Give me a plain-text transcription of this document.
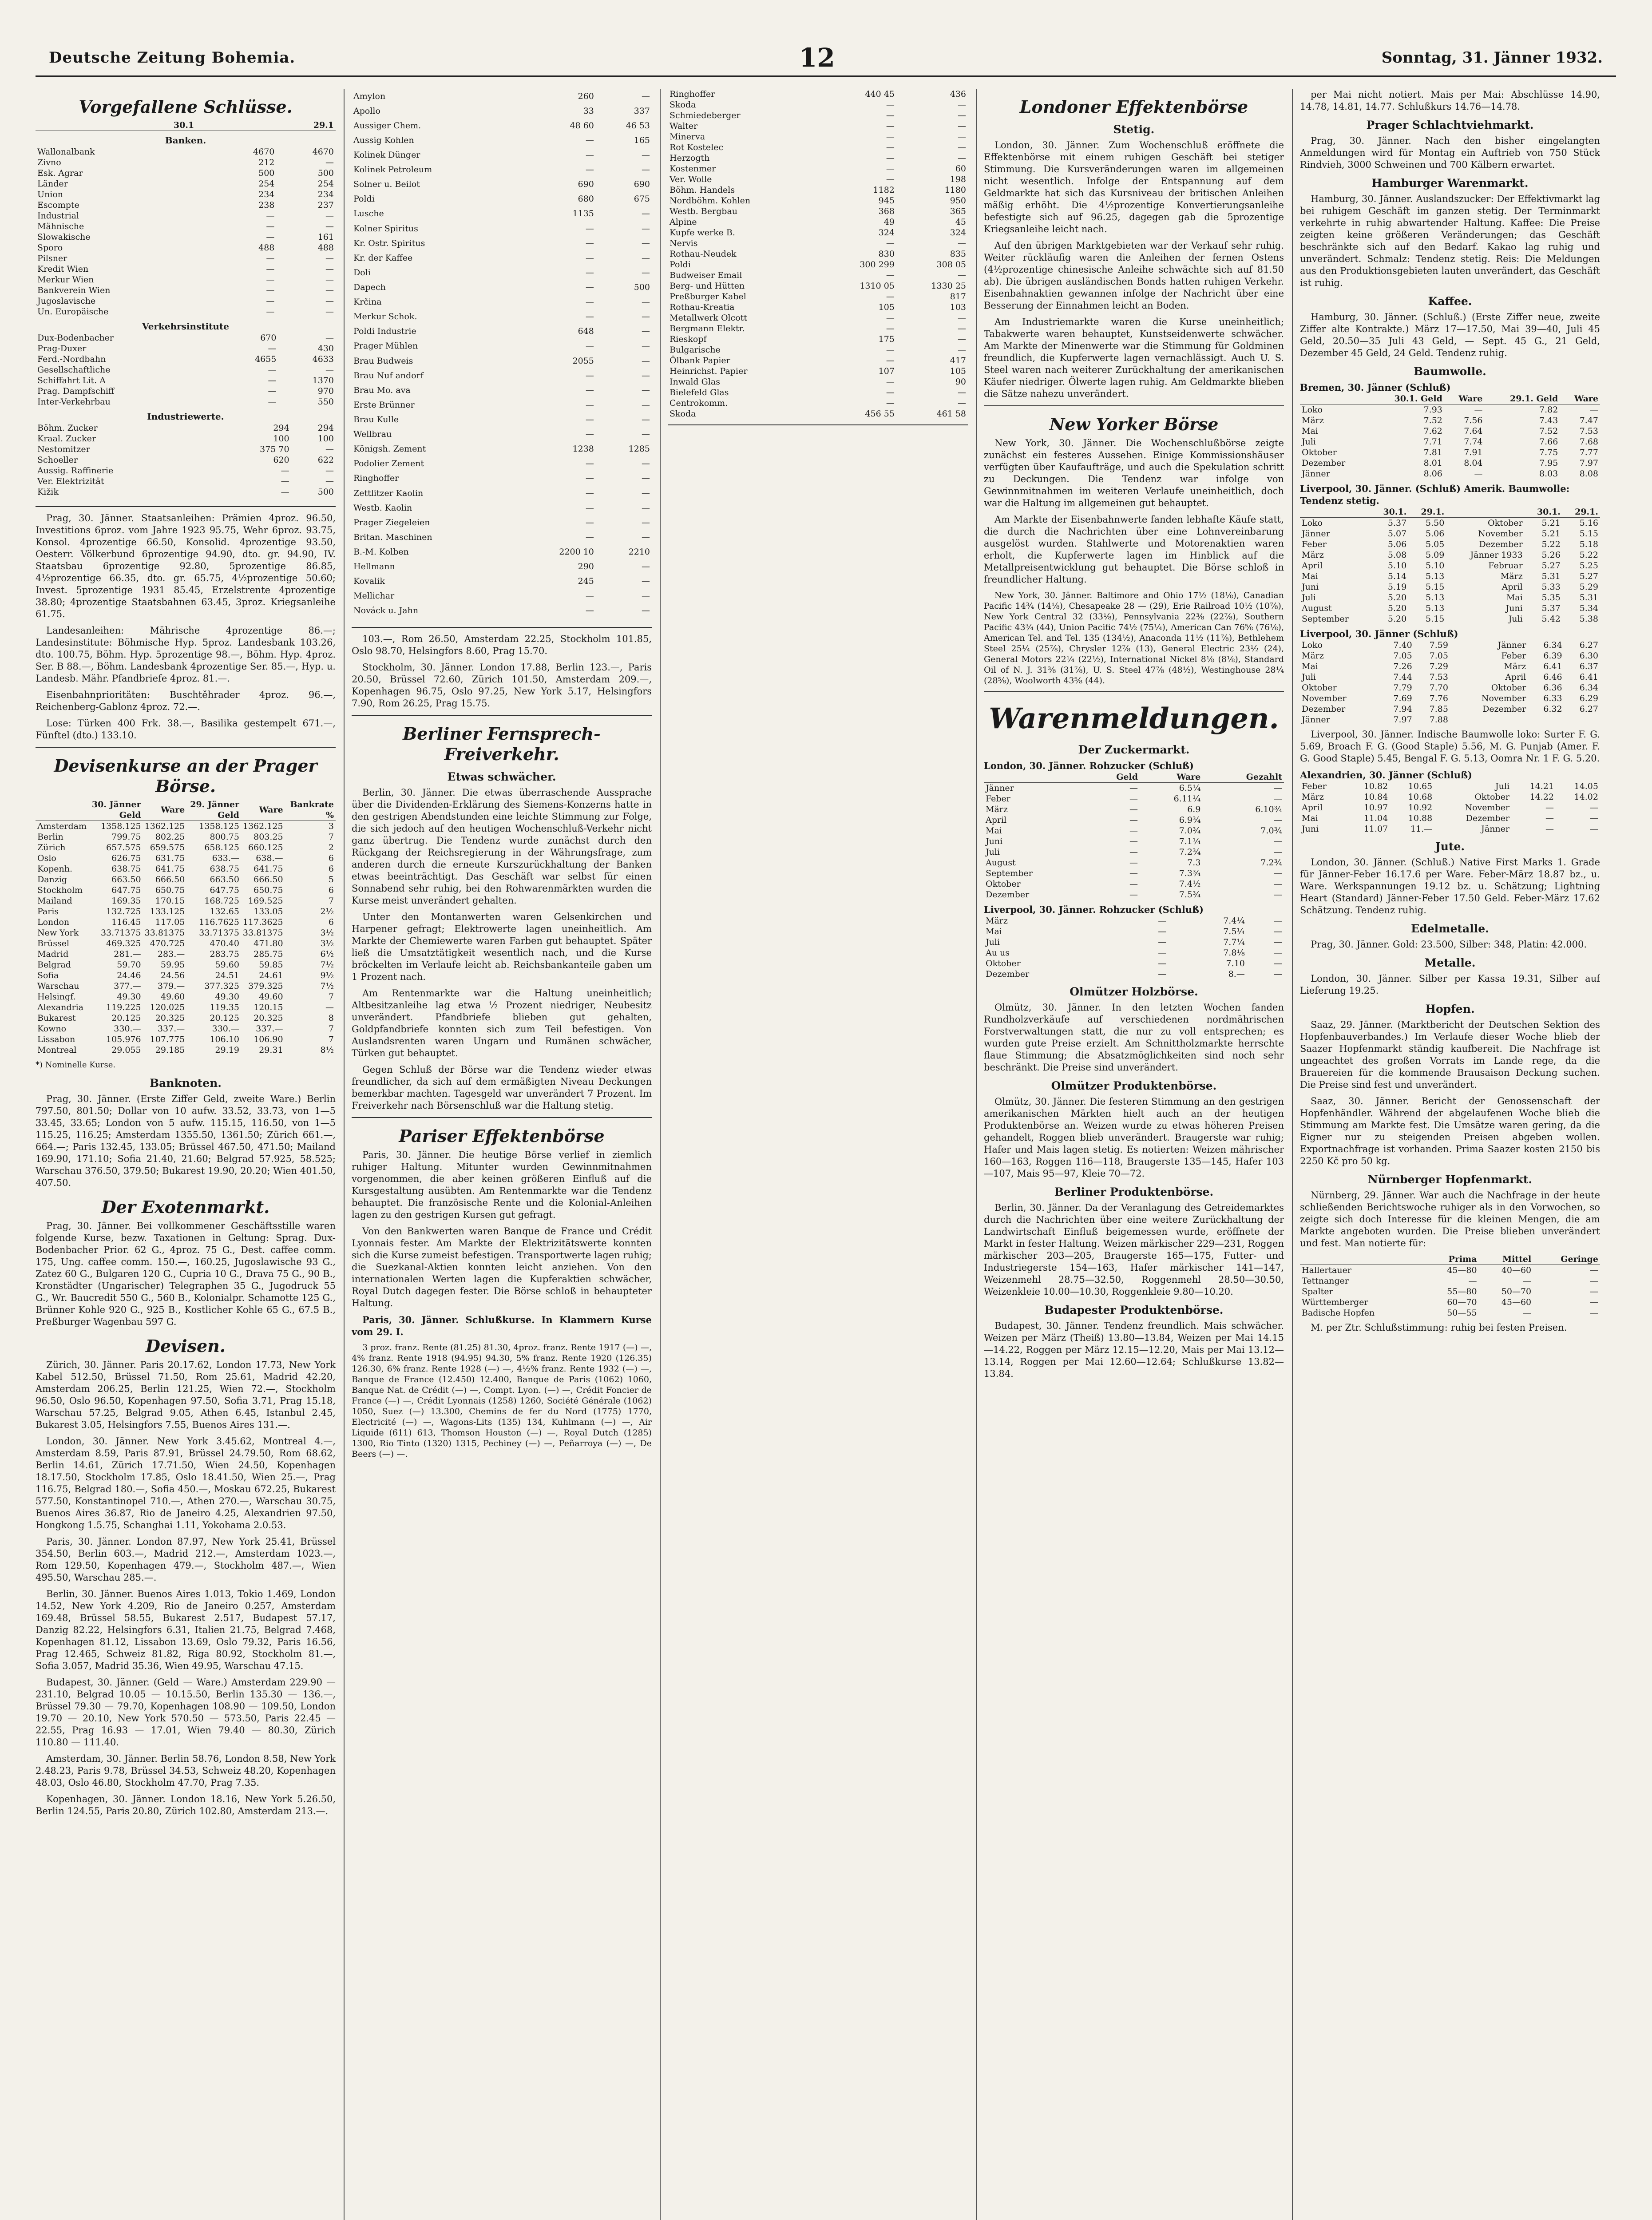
Deutsche Zeitung Bohemia.	12	Sonntag, 31. Jänner 1932.
Vorgefallene Schlüsse.
	30.1	29.1
Banken.
Wallonalbank	4670	4670
Zivno	212	—
Esk. Agrar	500	500
Länder	254	254
Union	234	234
Escompte	238	237
Industrial	—	—
Mähnische	—	—
Slowakische	—	161
Sporo	488	488
Pilsner	—	—
Kredit Wien	—	—
Merkur Wien	—	—
Bankverein Wien	—	—
Jugoslavische	—	—
Un. Europäische	—	—
Verkehrsinstitute
Dux-Bodenbacher	670	—
Prag-Duxer	—	430
Ferd.-Nordbahn	4655	4633
Gesellschaftliche	—	—
Schiffahrt Lit. A	—	1370
Prag. Dampfschiff	—	970
Inter-Verkehrbau	—	550
Industriewerte.
Böhm. Zucker	294	294
Kraal. Zucker	100	100
Nestomitzer	375 70	—
Schoeller	620	622
Aussig. Raffinerie	—	—
Ver. Elektrizität	—	—
Kižik	—	500

Prag, 30. Jänner. Staatsanleihen: Prämien 4proz. 96.50, Investitions 6proz. vom Jahre 1923 95.75, Wehr 6proz. 93.75, Konsol. 4prozentige 66.50, Konsolid. 4prozentige 93.50, Oesterr. Völkerbund 6prozentige 94.90, dto. gr. 94.90, IV. Staatsbau 6prozentige 92.80, 5prozentige 86.85, 4½prozentige 66.35, dto. gr. 65.75, 4½prozentige 50.60; Invest. 5prozentige 1931 85.45, Erzelstrente 4prozentige 38.80; 4prozentige Staatsbahnen 63.45, 3proz. Kriegsanleihe 61.75.

Landesanleihen: Mährische 4prozentige 86.—; Landesinstitute: Böhmische Hyp. 5proz. Landesbank 103.26, dto. 100.75, Böhm. Hyp. 5prozentige 98.—, Böhm. Hyp. 4proz. Ser. B 88.—, Böhm. Landesbank 4prozentige Ser. 85.—, Hyp. u. Landesb. Mähr. Pfandbriefe 4proz. 81.—.

Eisenbahnprioritäten: Buschtěhrader 4proz. 96.—, Reichenberg-Gablonz 4proz. 72.—.

Lose: Türken 400 Frk. 38.—, Basilika gestempelt 671.—, Fünftel (dto.) 133.10.

Devisenkurse an der Prager Börse.
	30. Jänner Geld	Ware	29. Jänner Geld	Ware	Bankrate %
Amsterdam	1358.125	1362.125	1358.125	1362.125	3
Berlin	799.75	802.25	800.75	803.25	7
Zürich	657.575	659.575	658.125	660.125	2
Oslo	626.75	631.75	633.—	638.—	6
Kopenh.	638.75	641.75	638.75	641.75	6
Danzig	663.50	666.50	663.50	666.50	5
Stockholm	647.75	650.75	647.75	650.75	6
Mailand	169.35	170.15	168.725	169.525	7
Paris	132.725	133.125	132.65	133.05	2½
London	116.45	117.05	116.7625	117.3625	6
New York	33.71375	33.81375	33.71375	33.81375	3½
Brüssel	469.325	470.725	470.40	471.80	3½
Madrid	281.—	283.—	283.75	285.75	6½
Belgrad	59.70	59.95	59.60	59.85	7½
Sofia	24.46	24.56	24.51	24.61	9½
Warschau	377.—	379.—	377.325	379.325	7½
Helsingf.	49.30	49.60	49.30	49.60	7
Alexandria	119.225	120.025	119.35	120.15	—
Bukarest	20.125	20.325	20.125	20.325	8
Kowno	330.—	337.—	330.—	337.—	7
Lissabon	105.976	107.775	106.10	106.90	7
Montreal	29.055	29.185	29.19	29.31	8½
*) Nominelle Kurse.
Banknoten.

Prag, 30. Jänner. (Erste Ziffer Geld, zweite Ware.) Berlin 797.50, 801.50; Dollar von 10 aufw. 33.52, 33.73, von 1—5 33.45, 33.65; London von 5 aufw. 115.15, 116.50, von 1—5 115.25, 116.25; Amsterdam 1355.50, 1361.50; Zürich 661.—, 664.—; Paris 132.45, 133.05; Brüssel 467.50, 471.50; Mailand 169.90, 171.10; Sofia 21.40, 21.60; Belgrad 57.925, 58.525; Warschau 376.50, 379.50; Bukarest 19.90, 20.20; Wien 401.50, 407.50.

Der Exotenmarkt.

Prag, 30. Jänner. Bei vollkommener Geschäftsstille waren folgende Kurse, bezw. Taxationen in Geltung: Sprag. Dux-Bodenbacher Prior. 62 G., 4proz. 75 G., Dest. caffee comm. 175, Ung. caffee comm. 150.—, 160.25, Jugoslawische 93 G., Zatez 60 G., Bulgaren 120 G., Cupria 10 G., Drava 75 G., 90 B., Kronstädter (Ungarischer) Telegraphen 35 G., Jugodruck 55 G., Wr. Baucredit 550 G., 560 B., Kolonialpr. Schamotte 125 G., Brünner Kohle 920 G., 925 B., Kostlicher Kohle 65 G., 67.5 B., Preßburger Wagenbau 597 G.

Devisen.

Zürich, 30. Jänner. Paris 20.17.62, London 17.73, New York Kabel 512.50, Brüssel 71.50, Rom 25.61, Madrid 42.20, Amsterdam 206.25, Berlin 121.25, Wien 72.—, Stockholm 96.50, Oslo 96.50, Kopenhagen 97.50, Sofia 3.71, Prag 15.18, Warschau 57.25, Belgrad 9.05, Athen 6.45, Istanbul 2.45, Bukarest 3.05, Helsingfors 7.55, Buenos Aires 131.—.

London, 30. Jänner. New York 3.45.62, Montreal 4.—, Amsterdam 8.59, Paris 87.91, Brüssel 24.79.50, Rom 68.62, Berlin 14.61, Zürich 17.71.50, Wien 24.50, Kopenhagen 18.17.50, Stockholm 17.85, Oslo 18.41.50, Wien 25.—, Prag 116.75, Belgrad 180.—, Sofia 450.—, Moskau 672.25, Bukarest 577.50, Konstantinopel 710.—, Athen 270.—, Warschau 30.75, Buenos Aires 36.87, Rio de Janeiro 4.25, Alexandrien 97.50, Hongkong 1.5.75, Schanghai 1.11, Yokohama 2.0.53.

Paris, 30. Jänner. London 87.97, New York 25.41, Brüssel 354.50, Berlin 603.—, Madrid 212.—, Amsterdam 1023.—, Rom 129.50, Kopenhagen 479.—, Stockholm 487.—, Wien 495.50, Warschau 285.—.

Berlin, 30. Jänner. Buenos Aires 1.013, Tokio 1.469, London 14.52, New York 4.209, Rio de Janeiro 0.257, Amsterdam 169.48, Brüssel 58.55, Bukarest 2.517, Budapest 57.17, Danzig 82.22, Helsingfors 6.31, Italien 21.75, Belgrad 7.468, Kopenhagen 81.12, Lissabon 13.69, Oslo 79.32, Paris 16.56, Prag 12.465, Schweiz 81.82, Riga 80.92, Stockholm 81.—, Sofia 3.057, Madrid 35.36, Wien 49.95, Warschau 47.15.

Budapest, 30. Jänner. (Geld — Ware.) Amsterdam 229.90 — 231.10, Belgrad 10.05 — 10.15.50, Berlin 135.30 — 136.—, Brüssel 79.30 — 79.70, Kopenhagen 108.90 — 109.50, London 19.70 — 20.10, New York 570.50 — 573.50, Paris 22.45 — 22.55, Prag 16.93 — 17.01, Wien 79.40 — 80.30, Zürich 110.80 — 111.40.

Amsterdam, 30. Jänner. Berlin 58.76, London 8.58, New York 2.48.23, Paris 9.78, Brüssel 34.53, Schweiz 48.20, Kopenhagen 48.03, Oslo 46.80, Stockholm 47.70, Prag 7.35.

Kopenhagen, 30. Jänner. London 18.16, New York 5.26.50, Berlin 124.55, Paris 20.80, Zürich 102.80, Amsterdam 213.—.

Amylon	260	—
Apollo	33	337
Aussiger Chem.	48 60	46 53
Aussig Kohlen	—	165
Kolinek Dünger	—	—
Kolinek Petroleum	—	—
Solner u. Beilot	690	690
Poldi	680	675
Lusche	1135	—
Kolner Spiritus	—	—
Kr. Ostr. Spiritus	—	—
Kr. der Kaffee	—	—
Doli	—	—
Dapech	—	500
Krčina	—	—
Merkur Schok.	—	—
Poldi Industrie	648	—
Prager Mühlen	—	—
Brau Budweis	2055	—
Brau Nuf andorf	—	—
Brau Mo. ava	—	—
Erste Brünner	—	—
Brau Kulle	—	—
Wellbrau	—	—
Königsh. Zement	1238	1285
Podolier Zement	—	—
Ringhoffer	—	—
Zettlitzer Kaolin	—	—
Westb. Kaolin	—	—
Prager Ziegeleien	—	—
Britan. Maschinen	—	—
B.-M. Kolben	2200 10	2210
Hellmann	290	—
Kovalik	245	—
Mellichar	—	—
Nováck u. Jahn	—	—

103.—, Rom 26.50, Amsterdam 22.25, Stockholm 101.85, Oslo 98.70, Helsingfors 8.60, Prag 15.70.

Stockholm, 30. Jänner. London 17.88, Berlin 123.—, Paris 20.50, Brüssel 72.60, Zürich 101.50, Amsterdam 209.—, Kopenhagen 96.75, Oslo 97.25, New York 5.17, Helsingfors 7.90, Rom 26.25, Prag 15.75.

Berliner Fernsprech-Freiverkehr.
Etwas schwächer.

Berlin, 30. Jänner. Die etwas überraschende Aussprache über die Dividenden-Erklärung des Siemens-Konzerns hatte in den gestrigen Abendstunden eine leichte Stimmung zur Folge, die sich jedoch auf den heutigen Wochenschluß-Verkehr nicht ganz übertrug. Die Tendenz wurde zunächst durch den Rückgang der Reichsregierung in der Währungsfrage, zum anderen durch die erneute Kurszurückhaltung der Banken etwas beeinträchtigt. Das Geschäft war selbst für einen Sonnabend sehr ruhig, bei den Rohwarenmärkten wurden die Kurse meist unverändert gehalten.

Unter den Montanwerten waren Gelsenkirchen und Harpener gefragt; Elektrowerte lagen uneinheitlich. Am Markte der Chemiewerte waren Farben gut behauptet. Später ließ die Umsatztätigkeit wesentlich nach, und die Kurse bröckelten im Verlaufe leicht ab. Reichsbankanteile gaben um 1 Prozent nach.

Am Rentenmarkte war die Haltung uneinheitlich; Altbesitzanleihe lag etwa ½ Prozent niedriger, Neubesitz unverändert. Pfandbriefe blieben gut gehalten, Goldpfandbriefe konnten sich zum Teil befestigen. Von Auslandsrenten waren Ungarn und Rumänen schwächer, Türken gut behauptet.

Gegen Schluß der Börse war die Tendenz wieder etwas freundlicher, da sich auf dem ermäßigten Niveau Deckungen bemerkbar machten. Tagesgeld war unverändert 7 Prozent. Im Freiverkehr nach Börsenschluß war die Haltung stetig.

Pariser Effektenbörse

Paris, 30. Jänner. Die heutige Börse verlief in ziemlich ruhiger Haltung. Mitunter wurden Gewinnmitnahmen vorgenommen, die aber keinen größeren Einfluß auf die Kursgestaltung ausübten. Am Rentenmarkte war die Tendenz behauptet. Die französische Rente und die Kolonial-Anleihen lagen zu den gestrigen Kursen gut gefragt.

Von den Bankwerten waren Banque de France und Crédit Lyonnais fester. Am Markte der Elektrizitätswerte konnten sich die Kurse zumeist befestigen. Transportwerte lagen ruhig; die Suezkanal-Aktien konnten leicht anziehen. Von den internationalen Werten lagen die Kupferaktien schwächer, Royal Dutch dagegen fester. Die Börse schloß in behaupteter Haltung.

Paris, 30. Jänner. Schlußkurse. In Klammern Kurse vom 29. I.

3 proz. franz. Rente (81.25) 81.30, 4proz. franz. Rente 1917 (—) —, 4% franz. Rente 1918 (94.95) 94.30, 5% franz. Rente 1920 (126.35) 126.30, 6% franz. Rente 1928 (—) —, 4½% franz. Rente 1932 (—) —, Banque de France (12.450) 12.400, Banque de Paris (1062) 1060, Banque Nat. de Crédit (—) —, Compt. Lyon. (—) —, Crédit Foncier de France (—) —, Crédit Lyonnais (1258) 1260, Société Générale (1062) 1050, Suez (—) 13.300, Chemins de fer du Nord (1775) 1770, Electricité (—) —, Wagons-Lits (135) 134, Kuhlmann (—) —, Air Liquide (611) 613, Thomson Houston (—) —, Royal Dutch (1285) 1300, Rio Tinto (1320) 1315, Pechiney (—) —, Peñarroya (—) —, De Beers (—) —.

Ringhoffer	440 45	436
Skoda	—	—
Schmiedeberger	—	—
Walter	—	—
Minerva	—	—
Rot Kostelec	—	—
Herzogth	—	—
Kostenmer	—	60
Ver. Wolle	—	198
Böhm. Handels	1182	1180
Nordböhm. Kohlen	945	950
Westb. Bergbau	368	365
Alpine	49	45
Kupfe werke B.	324	324
Nervis	—	—
Rothau-Neudek	830	835
Poldi	300 299	308 05
Budweiser Email	—	—
Berg- und Hütten	1310 05	1330 25
Preßburger Kabel	—	817
Rothau-Kreatia	105	103
Metallwerk Olcott	—	—
Bergmann Elektr.	—	—
Rieskopf	175	—
Bulgarische	—	—
Ölbank Papier	—	417
Heinrichst. Papier	107	105
Inwald Glas	—	90
Bielefeld Glas	—	—
Centrokomm.	—	—
Skoda	456 55	461 58
Londoner Effektenbörse
Stetig.

London, 30. Jänner. Zum Wochenschluß eröffnete die Effektenbörse mit einem ruhigen Geschäft bei stetiger Stimmung. Die Kursveränderungen waren im allgemeinen nicht wesentlich. Infolge der Entspannung auf dem Geldmarkte hat sich das Kursniveau der britischen Anleihen mäßig erhöht. Die 4½prozentige Konvertierungsanleihe befestigte sich auf 96.25, dagegen gab die 5prozentige Kriegsanleihe leicht nach.

Auf den übrigen Marktgebieten war der Verkauf sehr ruhig. Weiter rückläufig waren die Anleihen der fernen Ostens (4½prozentige chinesische Anleihe schwächte sich auf 81.50 ab). Die übrigen ausländischen Bonds hatten ruhigen Verkehr. Eisenbahnaktien gewannen infolge der Nachricht über eine Besserung der Einnahmen leicht an Boden.

Am Industriemarkte waren die Kurse uneinheitlich; Tabakwerte waren behauptet, Kunstseidenwerte schwächer. Am Markte der Minenwerte war die Stimmung für Goldminen freundlich, die Kupferwerte lagen vernachlässigt. Auch U. S. Steel waren nach weiterer Zurückhaltung der amerikanischen Käufer niedriger. Ölwerte lagen ruhig. Am Geldmarkte blieben die Sätze nahezu unverändert.

New Yorker Börse

New York, 30. Jänner. Die Wochenschlußbörse zeigte zunächst ein festeres Aussehen. Einige Kommissionshäuser verfügten über Kaufaufträge, und auch die Spekulation schritt zu Deckungen. Die Tendenz war infolge von Gewinnmitnahmen im weiteren Verlaufe uneinheitlich, doch war die Haltung im allgemeinen gut behauptet.

Am Markte der Eisenbahnwerte fanden lebhafte Käufe statt, die durch die Nachrichten über eine Lohnvereinbarung ausgelöst wurden. Stahlwerte und Motorenaktien waren erholt, die Kupferwerte lagen im Hinblick auf die Metallpreisentwicklung gut behauptet. Die Börse schloß in freundlicher Haltung.

New York, 30. Jänner. Baltimore and Ohio 17½ (18⅛), Canadian Pacific 14¾ (14⅛), Chesapeake 28 — (29), Erie Railroad 10½ (10⅞), New York Central 32 (33⅛), Pennsylvania 22⅜ (22⅞), Southern Pacific 43¾ (44), Union Pacific 74½ (75¼), American Can 76⅝ (76⅛), American Tel. and Tel. 135 (134½), Anaconda 11½ (11⅞), Bethlehem Steel 25¼ (25⅞), Chrysler 12⅞ (13), General Electric 23½ (24), General Motors 22¼ (22½), International Nickel 8⅛ (8⅛), Standard Oil of N. J. 31⅜ (31⅞), U. S. Steel 47⅞ (48½), Westinghouse 28¼ (28⅝), Woolworth 43⅝ (44).

Warenmeldungen.
Der Zuckermarkt.
London, 30. Jänner. Rohzucker (Schluß)
	Geld	Ware	Gezahlt
Jänner	—	6.5¼	—
Feber	—	6.11¼	—
März	—	6.9	6.10¾
April	—	6.9¾	—
Mai	—	7.0¾	7.0¾
Juni	—	7.1¼	—
Juli	—	7.2¾	—
August	—	7.3	7.2¾
September	—	7.3¾	—
Oktober	—	7.4½	—
Dezember	—	7.5¾	—
Liverpool, 30. Jänner. Rohzucker (Schluß)
März	—	7.4¼	—
Mai	—	7.5¼	—
Juli	—	7.7¼	—
Au us	—	7.8⅛	—
Oktober	—	7.10	—
Dezember	—	8.—	—
Olmützer Holzbörse.

Olmütz, 30. Jänner. In den letzten Wochen fanden Rundholzverkäufe auf verschiedenen nordmährischen Forstverwaltungen statt, die nur zu voll entsprechen; es wurden gute Preise erzielt. Am Schnittholzmarkte herrschte flaue Stimmung; die Absatzmöglichkeiten sind noch sehr beschränkt. Die Preise sind unverändert.

Olmützer Produktenbörse.

Olmütz, 30. Jänner. Die festeren Stimmung an den gestrigen amerikanischen Märkten hielt auch an der heutigen Produktenbörse an. Weizen wurde zu etwas höheren Preisen gehandelt, Roggen blieb unverändert. Braugerste war ruhig; Hafer und Mais lagen stetig. Es notierten: Weizen mährischer 160—163, Roggen 116—118, Braugerste 135—145, Hafer 103—107, Mais 95—97, Kleie 70—72.

Berliner Produktenbörse.

Berlin, 30. Jänner. Da der Veranlagung des Getreidemarktes durch die Nachrichten über eine weitere Zurückhaltung der Landwirtschaft Einfluß beigemessen wurde, eröffnete der Markt in fester Haltung. Weizen märkischer 229—231, Roggen märkischer 203—205, Braugerste 165—175, Futter- und Industriegerste 154—163, Hafer märkischer 141—147, Weizenmehl 28.75—32.50, Roggenmehl 28.50—30.50, Weizenkleie 10.00—10.30, Roggenkleie 9.80—10.20.

Budapester Produktenbörse.

Budapest, 30. Jänner. Tendenz freundlich. Mais schwächer. Weizen per März (Theiß) 13.80—13.84, Weizen per Mai 14.15—14.22, Roggen per März 12.15—12.20, Mais per Mai 13.12—13.14, Roggen per Mai 12.60—12.64; Schlußkurse 13.82—13.84.

per Mai nicht notiert. Mais per Mai: Abschlüsse 14.90, 14.78, 14.81, 14.77. Schlußkurs 14.76—14.78.

Prager Schlachtviehmarkt.

Prag, 30. Jänner. Nach den bisher eingelangten Anmeldungen wird für Montag ein Auftrieb von 750 Stück Rindvieh, 3000 Schweinen und 700 Kälbern erwartet.

Hamburger Warenmarkt.

Hamburg, 30. Jänner. Auslandszucker: Der Effektivmarkt lag bei ruhigem Geschäft im ganzen stetig. Der Terminmarkt verkehrte in ruhig abwartender Haltung. Kaffee: Die Preise zeigten keine größeren Veränderungen; das Geschäft beschränkte sich auf den Bedarf. Kakao lag ruhig und unverändert. Schmalz: Tendenz stetig. Reis: Die Meldungen aus den Produktionsgebieten lauten unverändert, das Geschäft ist ruhig.

Kaffee.

Hamburg, 30. Jänner. (Schluß.) (Erste Ziffer neue, zweite Ziffer alte Kontrakte.) März 17—17.50, Mai 39—40, Juli 45 Geld, 20.50—35 Juli 43 Geld, — Sept. 45 G., 21 Geld, Dezember 45 Geld, 24 Geld. Tendenz ruhig.

Baumwolle.
Bremen, 30. Jänner (Schluß)
	30.1. Geld	Ware	29.1. Geld	Ware
Loko	7.93	—	7.82	—
März	7.52	7.56	7.43	7.47
Mai	7.62	7.64	7.52	7.53
Juli	7.71	7.74	7.66	7.68
Oktober	7.81	7.91	7.75	7.77
Dezember	8.01	8.04	7.95	7.97
Jänner	8.06	—	8.03	8.08
Liverpool, 30. Jänner. (Schluß) Amerik. Baumwolle: Tendenz stetig.
	30.1.	29.1.		30.1.	29.1.
Loko	5.37	5.50	Oktober	5.21	5.16
Jänner	5.07	5.06	November	5.21	5.15
Feber	5.06	5.05	Dezember	5.22	5.18
März	5.08	5.09	Jänner 1933	5.26	5.22
April	5.10	5.10	Februar	5.27	5.25
Mai	5.14	5.13	März	5.31	5.27
Juni	5.19	5.15	April	5.33	5.29
Juli	5.20	5.13	Mai	5.35	5.31
August	5.20	5.13	Juni	5.37	5.34
September	5.20	5.15	Juli	5.42	5.38
Liverpool, 30. Jänner (Schluß)
Loko	7.40	7.59	Jänner	6.34	6.27
März	7.05	7.05	Feber	6.39	6.30
Mai	7.26	7.29	März	6.41	6.37
Juli	7.44	7.53	April	6.46	6.41
Oktober	7.79	7.70	Oktober	6.36	6.34
November	7.69	7.76	November	6.33	6.29
Dezember	7.94	7.85	Dezember	6.32	6.27
Jänner	7.97	7.88			

Liverpool, 30. Jänner. Indische Baumwolle loko: Surter F. G. 5.69, Broach F. G. (Good Staple) 5.56, M. G. Punjab (Amer. F. G. Good Staple) 5.45, Bengal F. G. 5.13, Oomra Nr. 1 F. G. 5.20.

Alexandrien, 30. Jänner (Schluß)
Feber	10.82	10.65	Juli	14.21	14.05
März	10.84	10.68	Oktober	14.22	14.02
April	10.97	10.92	November	—	—
Mai	11.04	10.88	Dezember	—	—
Juni	11.07	11.—	Jänner	—	—
Jute.

London, 30. Jänner. (Schluß.) Native First Marks 1. Grade für Jänner-Feber 16.17.6 per Ware. Feber-März 18.87 bz., u. Ware. Werkspannungen 19.12 bz. u. Schätzung; Lightning Heart (Standard) Jänner-Feber 17.50 Geld. Feber-März 17.62 Schätzung. Tendenz ruhig.

Edelmetalle.

Prag, 30. Jänner. Gold: 23.500, Silber: 348, Platin: 42.000.

Metalle.

London, 30. Jänner. Silber per Kassa 19.31, Silber auf Lieferung 19.25.

Hopfen.

Saaz, 29. Jänner. (Marktbericht der Deutschen Sektion des Hopfenbauverbandes.) Im Verlaufe dieser Woche blieb der Saazer Hopfenmarkt ständig kaufbereit. Die Nachfrage ist ungeachtet des großen Vorrats im Lande rege, da die Brauereien für die kommende Brausaison Deckung suchen. Die Preise sind fest und unverändert.

Saaz, 30. Jänner. Bericht der Genossenschaft der Hopfenhändler. Während der abgelaufenen Woche blieb die Stimmung am Markte fest. Die Umsätze waren gering, da die Eigner nur zu steigenden Preisen abgeben wollen. Exportnachfrage ist vorhanden. Prima Saazer kosten 2150 bis 2250 Kč pro 50 kg.

Nürnberger Hopfenmarkt.

Nürnberg, 29. Jänner. War auch die Nachfrage in der heute schließenden Berichtswoche ruhiger als in den Vorwochen, so zeigte sich doch Interesse für die kleinen Mengen, die am Markte angeboten wurden. Die Preise blieben unverändert und fest. Man notierte für:

	Prima	Mittel	Geringe
Hallertauer	45—80	40—60	—
Tettnanger	—	—	—
Spalter	55—80	50—70	—
Württemberger	60—70	45—60	—
Badische Hopfen	50—55	—	—

M. per Ztr. Schlußstimmung: ruhig bei festen Preisen.
